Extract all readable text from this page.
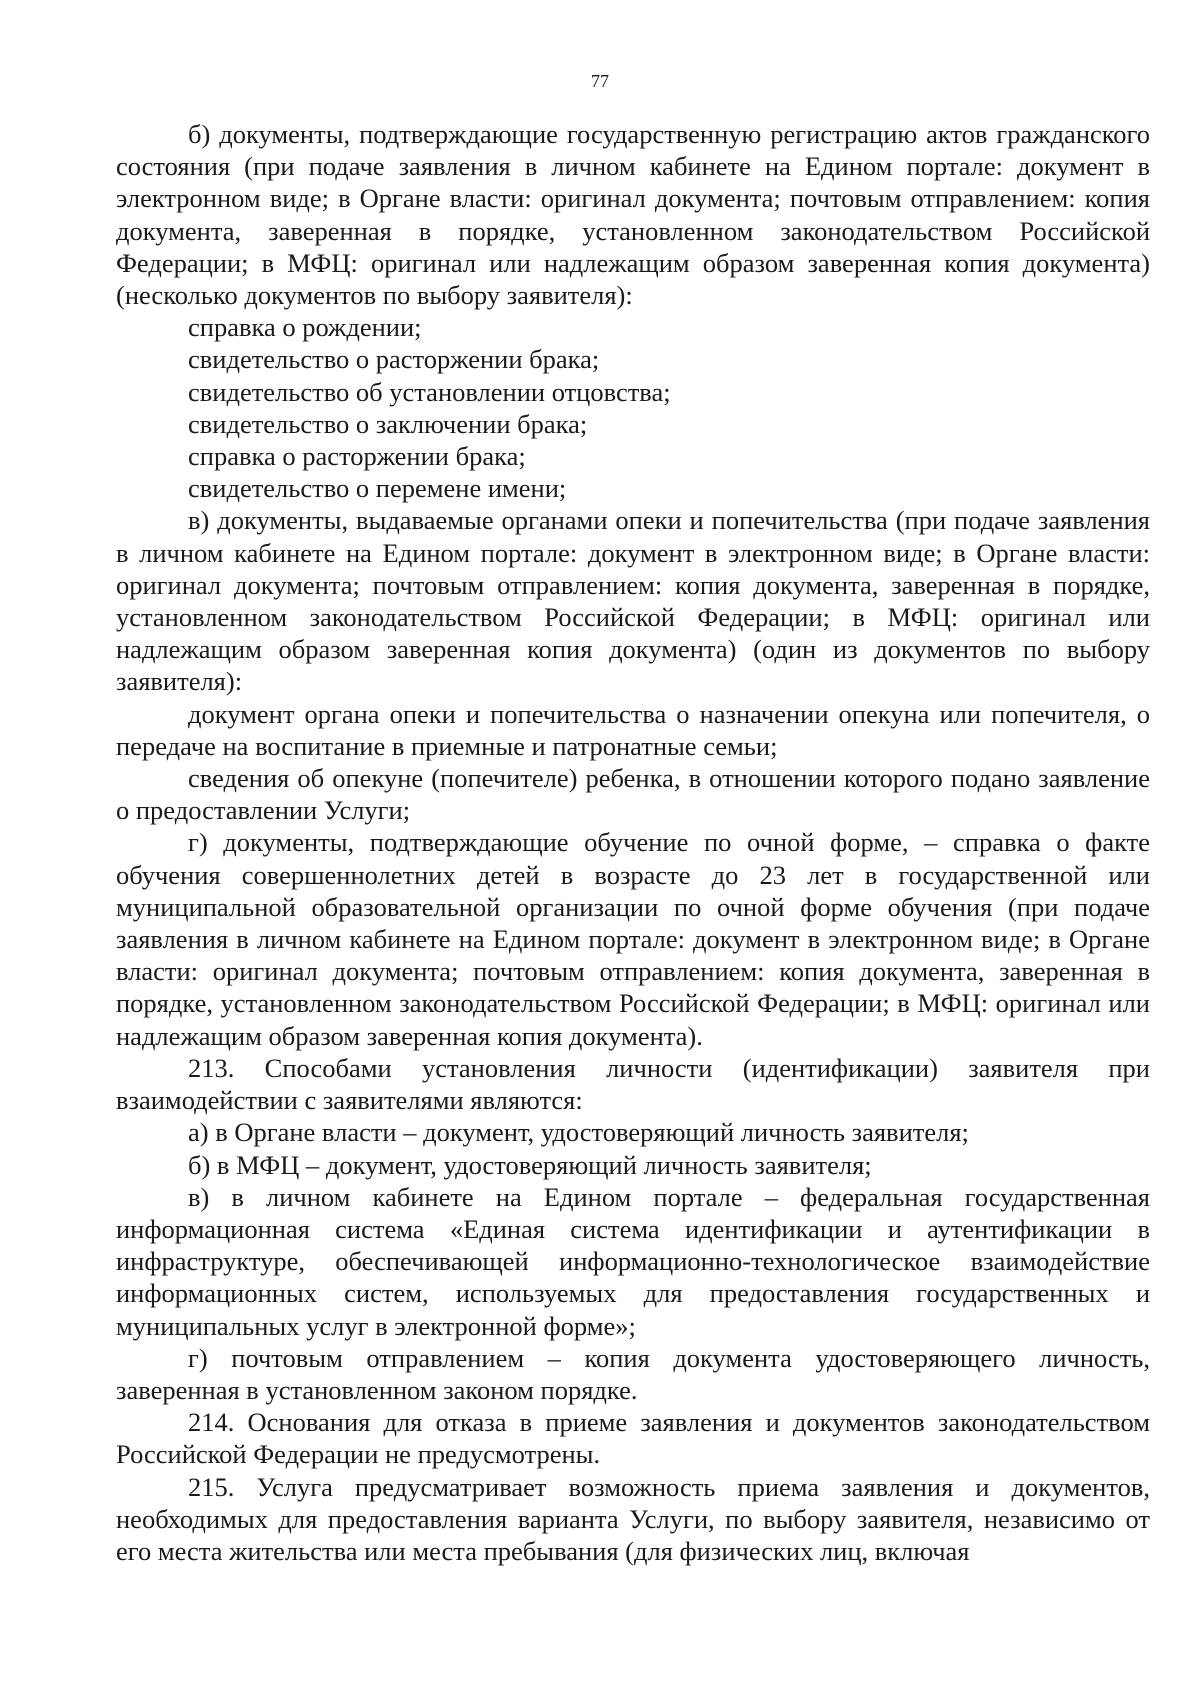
77

б) документы, подтверждающие государственную регистрацию актов гражданского состояния (при подаче заявления в личном кабинете на Едином портале: документ в электронном виде; в Органе власти: оригинал документа; почтовым отправлением: копия документа, заверенная в порядке, установленном законодательством Российской Федерации; в МФЦ: оригинал или надлежащим образом заверенная копия документа) (несколько документов по выбору заявителя):

справка о рождении;

свидетельство о расторжении брака;

свидетельство об установлении отцовства;

свидетельство о заключении брака;

справка о расторжении брака;

свидетельство о перемене имени;

в) документы, выдаваемые органами опеки и попечительства (при подаче заявления в личном кабинете на Едином портале: документ в электронном виде; в Органе власти: оригинал документа; почтовым отправлением: копия документа, заверенная в порядке, установленном законодательством Российской Федерации; в МФЦ: оригинал или надлежащим образом заверенная копия документа) (один из документов по выбору заявителя):

документ органа опеки и попечительства о назначении опекуна или попечителя, о передаче на воспитание в приемные и патронатные семьи;

сведения об опекуне (попечителе) ребенка, в отношении которого подано заявление о предоставлении Услуги;

г) документы, подтверждающие обучение по очной форме, – справка о факте обучения совершеннолетних детей в возрасте до 23 лет в государственной или муниципальной образовательной организации по очной форме обучения (при подаче заявления в личном кабинете на Едином портале: документ в электронном виде; в Органе власти: оригинал документа; почтовым отправлением: копия документа, заверенная в порядке, установленном законодательством Российской Федерации; в МФЦ: оригинал или надлежащим образом заверенная копия документа).

213. Способами установления личности (идентификации) заявителя при взаимодействии с заявителями являются:

а) в Органе власти – документ, удостоверяющий личность заявителя;

б) в МФЦ – документ, удостоверяющий личность заявителя;

в) в личном кабинете на Едином портале – федеральная государственная информационная система «Единая система идентификации и аутентификации в инфраструктуре, обеспечивающей информационно-технологическое взаимодействие информационных систем, используемых для предоставления государственных и муниципальных услуг в электронной форме»;

г) почтовым отправлением – копия документа удостоверяющего личность, заверенная в установленном законом порядке.

214. Основания для отказа в приеме заявления и документов законодательством Российской Федерации не предусмотрены.

215. Услуга предусматривает возможность приема заявления и документов, необходимых для предоставления варианта Услуги, по выбору заявителя, независимо от его места жительства или места пребывания (для физических лиц, включая
